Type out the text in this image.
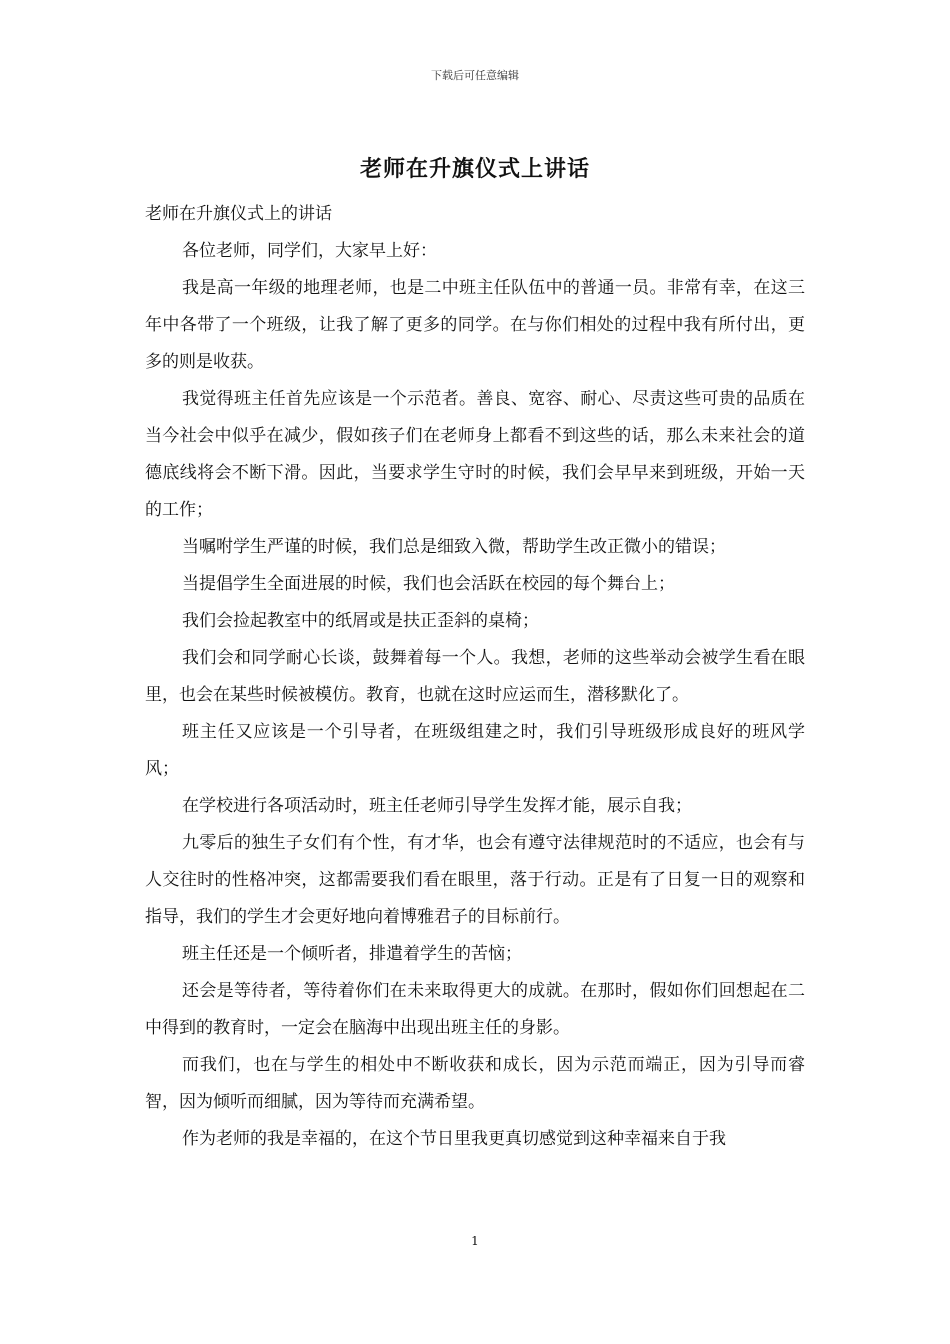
下载后可任意编辑
老师在升旗仪式上讲话

老师在升旗仪式上的讲话

各位老师，同学们，大家早上好：

我是高一年级的地理老师，也是二中班主任队伍中的普通一员。非常有幸，在这三年中各带了一个班级，让我了解了更多的同学。在与你们相处的过程中我有所付出，更多的则是收获。

我觉得班主任首先应该是一个示范者。善良、宽容、耐心、尽责这些可贵的品质在当今社会中似乎在减少，假如孩子们在老师身上都看不到这些的话，那么未来社会的道德底线将会不断下滑。因此，当要求学生守时的时候，我们会早早来到班级，开始一天的工作；

当嘱咐学生严谨的时候，我们总是细致入微，帮助学生改正微小的错误；

当提倡学生全面进展的时候，我们也会活跃在校园的每个舞台上；

我们会捡起教室中的纸屑或是扶正歪斜的桌椅；

我们会和同学耐心长谈，鼓舞着每一个人。我想，老师的这些举动会被学生看在眼里，也会在某些时候被模仿。教育，也就在这时应运而生，潜移默化了。

班主任又应该是一个引导者，在班级组建之时，我们引导班级形成良好的班风学风；

在学校进行各项活动时，班主任老师引导学生发挥才能，展示自我；

九零后的独生子女们有个性，有才华，也会有遵守法律规范时的不适应，也会有与人交往时的性格冲突，这都需要我们看在眼里，落于行动。正是有了日复一日的观察和指导，我们的学生才会更好地向着博雅君子的目标前行。

班主任还是一个倾听者，排遣着学生的苦恼；

还会是等待者，等待着你们在未来取得更大的成就。在那时，假如你们回想起在二中得到的教育时，一定会在脑海中出现出班主任的身影。

而我们，也在与学生的相处中不断收获和成长，因为示范而端正，因为引导而睿智，因为倾听而细腻，因为等待而充满希望。

作为老师的我是幸福的，在这个节日里我更真切感觉到这种幸福来自于我

1
